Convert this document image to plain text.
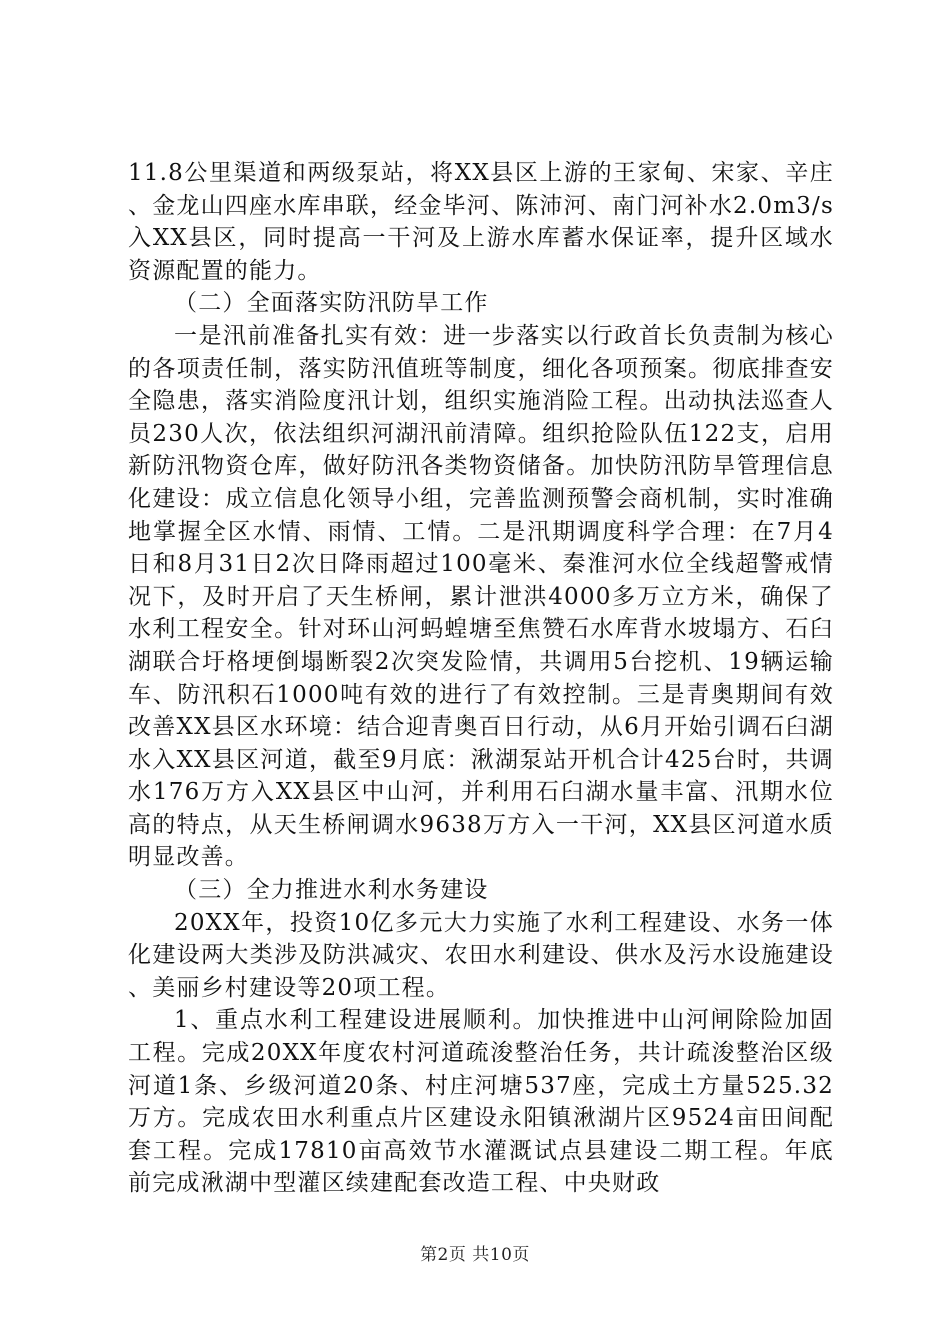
11.8公里渠道和两级泵站，将XX县区上游的王家甸、宋家、辛庄、金龙山四座水库串联，经金毕河、陈沛河、南门河补水2.0m3/s入XX县区，同时提高一干河及上游水库蓄水保证率，提升区域水资源配置的能力。

（二）全面落实防汛防旱工作

一是汛前准备扎实有效：进一步落实以行政首长负责制为核心的各项责任制，落实防汛值班等制度，细化各项预案。彻底排查安全隐患，落实消险度汛计划，组织实施消险工程。出动执法巡查人员230人次，依法组织河湖汛前清障。组织抢险队伍122支，启用新防汛物资仓库，做好防汛各类物资储备。加快防汛防旱管理信息化建设：成立信息化领导小组，完善监测预警会商机制，实时准确地掌握全区水情、雨情、工情。二是汛期调度科学合理：在7月4日和8月31日2次日降雨超过100毫米、秦淮河水位全线超警戒情况下，及时开启了天生桥闸，累计泄洪4000多万立方米，确保了水利工程安全。针对环山河蚂蝗塘至焦赞石水库背水坡塌方、石臼湖联合圩格埂倒塌断裂2次突发险情，共调用5台挖机、19辆运输车、防汛积石1000吨有效的进行了有效控制。三是青奥期间有效改善XX县区水环境：结合迎青奥百日行动，从6月开始引调石臼湖水入XX县区河道，截至9月底：湫湖泵站开机合计425台时，共调水176万方入XX县区中山河，并利用石臼湖水量丰富、汛期水位高的特点，从天生桥闸调水9638万方入一干河，XX县区河道水质明显改善。

（三）全力推进水利水务建设

20XX年，投资10亿多元大力实施了水利工程建设、水务一体化建设两大类涉及防洪减灾、农田水利建设、供水及污水设施建设、美丽乡村建设等20项工程。

1、重点水利工程建设进展顺利。加快推进中山河闸除险加固工程。完成20XX年度农村河道疏浚整治任务，共计疏浚整治区级河道1条、乡级河道20条、村庄河塘537座，完成土方量525.32万方。完成农田水利重点片区建设永阳镇湫湖片区9524亩田间配套工程。完成17810亩高效节水灌溉试点县建设二期工程。年底前完成湫湖中型灌区续建配套改造工程、中央财政

第2页 共10页
